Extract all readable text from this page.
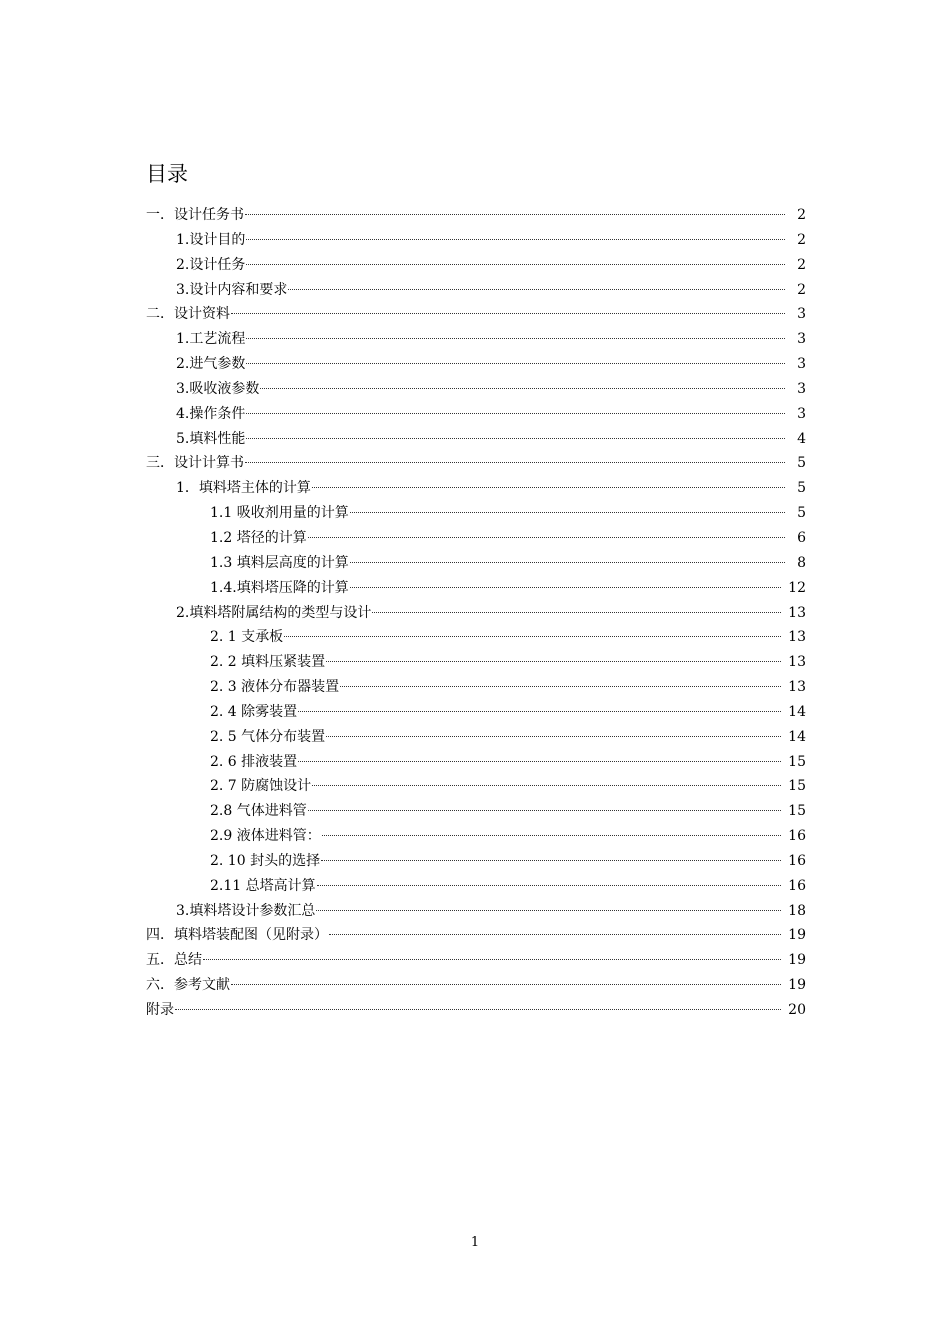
目录
一．设计任务书	2
1.设计目的	2
2.设计任务	2
3.设计内容和要求	2
二．设计资料	3
1.工艺流程	3
2.进气参数	3
3.吸收液参数	3
4.操作条件	3
5.填料性能	4
三．设计计算书	5
1．填料塔主体的计算	5
1.1 吸收剂用量的计算	5
1.2 塔径的计算	6
1.3 填料层高度的计算	8
1.4.填料塔压降的计算	12
2.填料塔附属结构的类型与设计	13
2. 1 支承板	13
2. 2 填料压紧装置	13
2. 3 液体分布器装置	13
2. 4 除雾装置	14
2. 5 气体分布装置	14
2. 6 排液装置	15
2. 7 防腐蚀设计	15
2.8 气体进料管	15
2.9 液体进料管：	16
2. 10 封头的选择	16
2.11 总塔高计算	16
3.填料塔设计参数汇总	18
四．填料塔装配图（见附录）	19
五．总结	19
六．参考文献	19
附录	20
1
